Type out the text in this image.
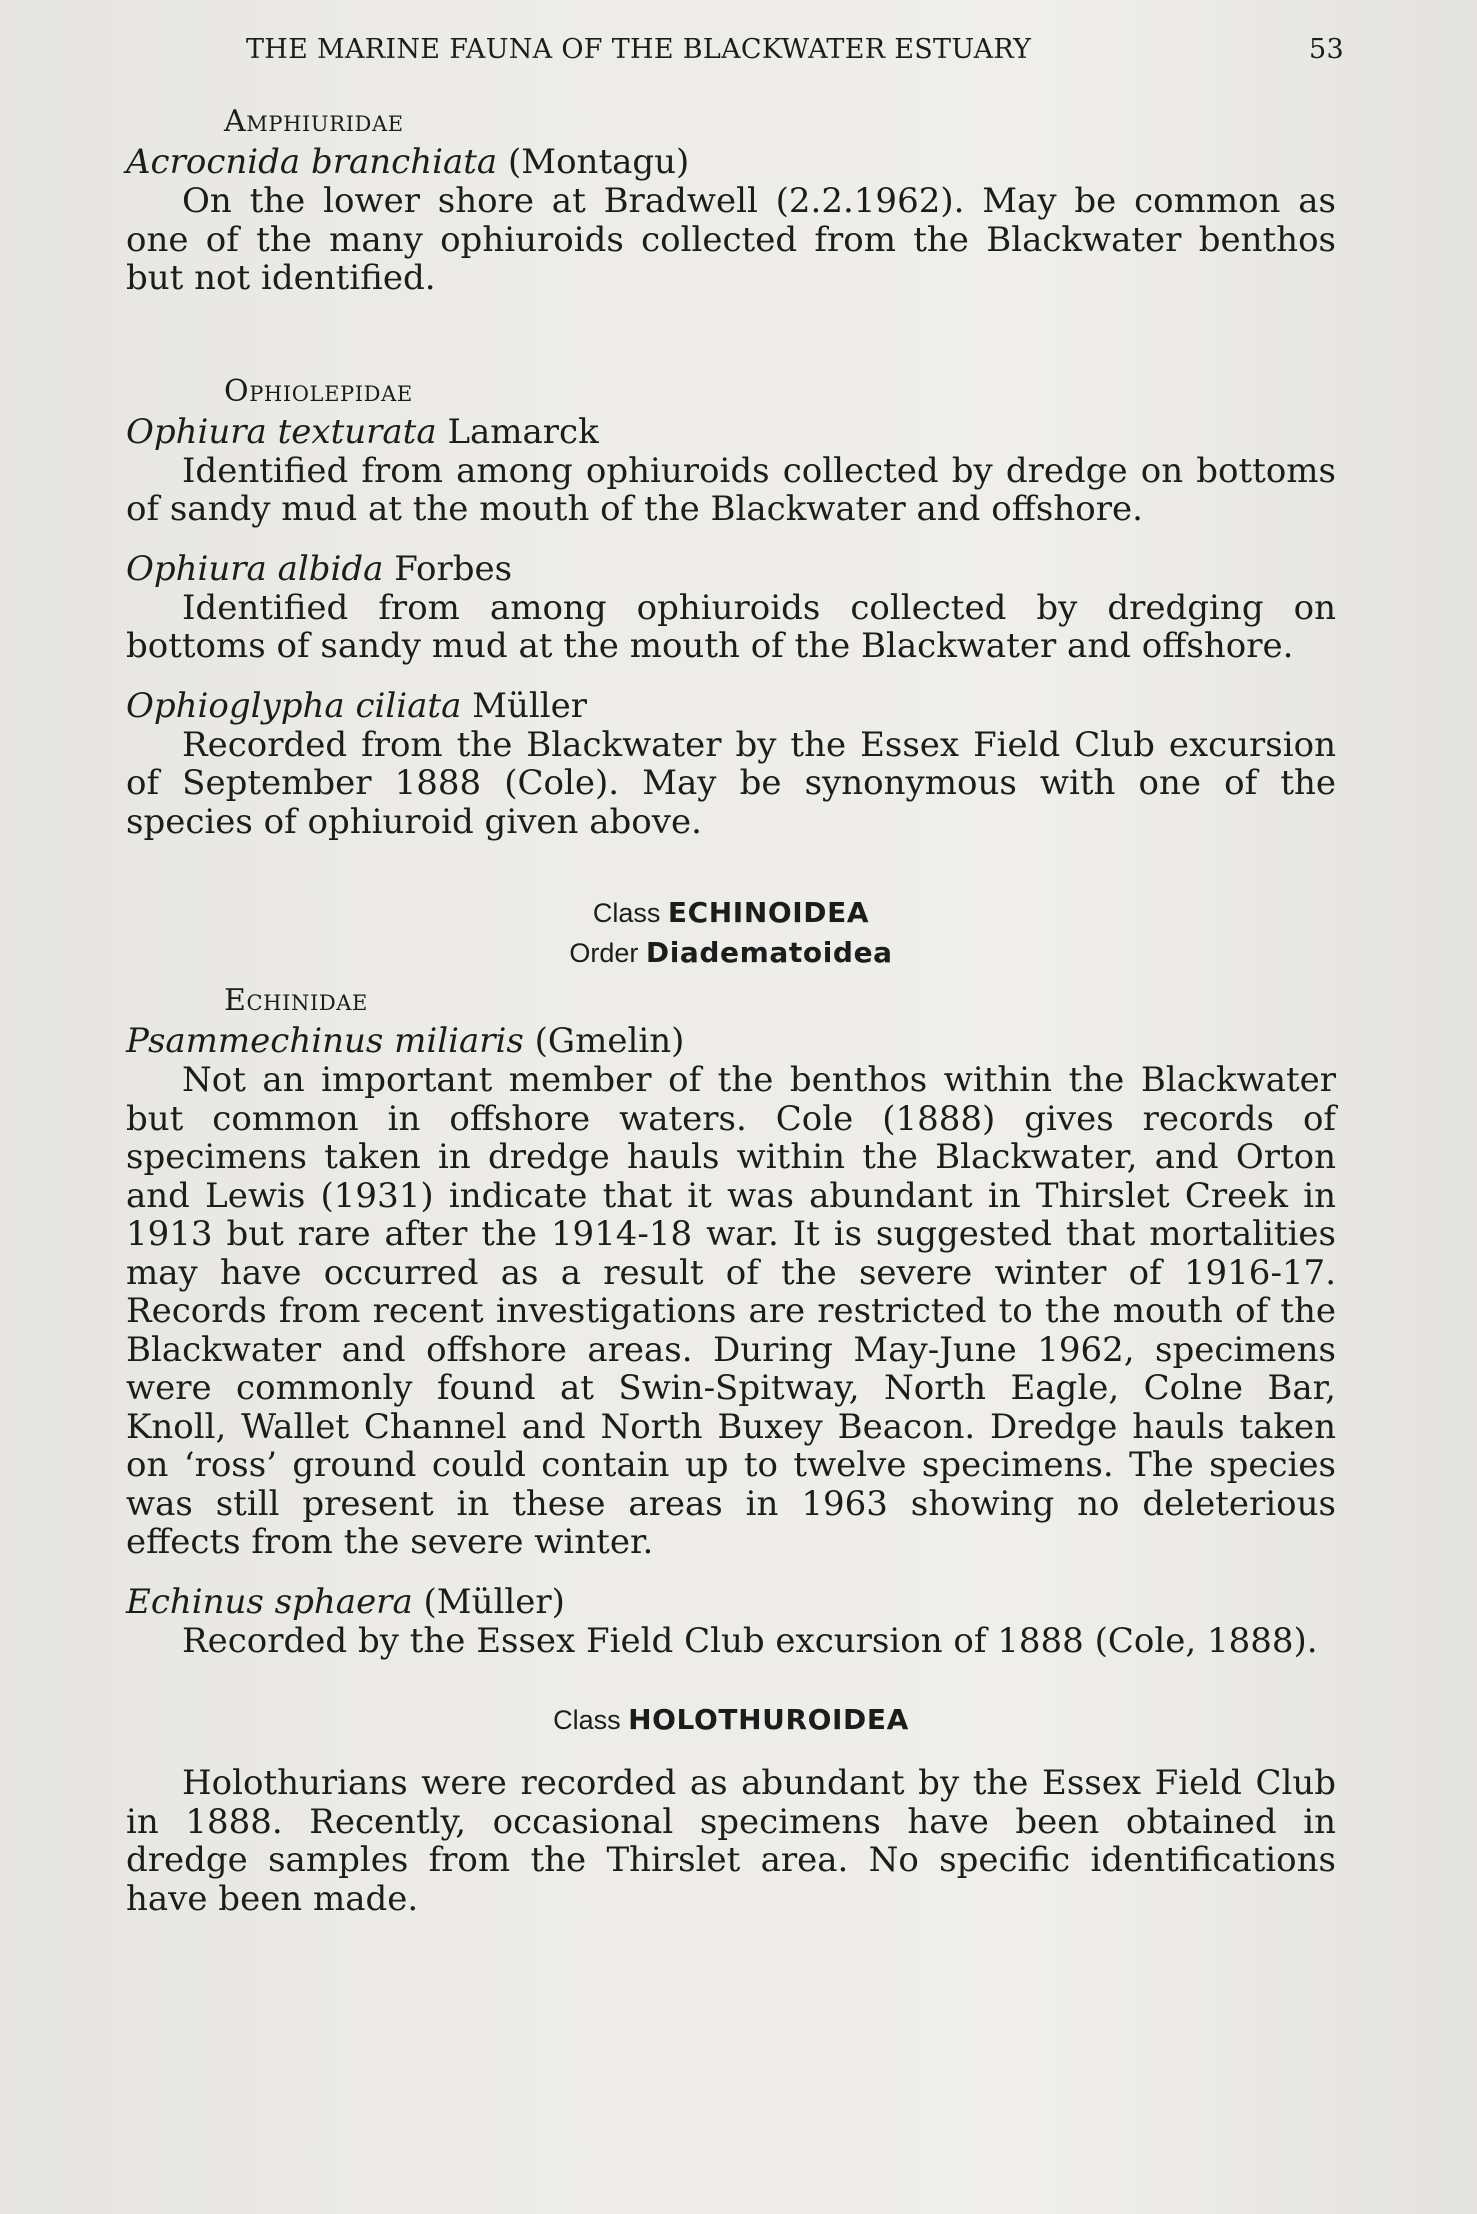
THE MARINE FAUNA OF THE BLACKWATER ESTUARY	53
Amphiuridae
Acrocnida branchiata (Montagu)

On the lower shore at Bradwell (2.2.1962). May be common as one of the many ophiuroids collected from the Blackwater benthos but not identified.

Ophiolepidae
Ophiura texturata Lamarck

Identified from among ophiuroids collected by dredge on bottoms of sandy mud at the mouth of the Blackwater and offshore.

Ophiura albida Forbes

Identified from among ophiuroids collected by dredging on bottoms of sandy mud at the mouth of the Blackwater and offshore.

Ophioglypha ciliata Müller

Recorded from the Blackwater by the Essex Field Club excursion of September 1888 (Cole). May be synonymous with one of the species of ophiuroid given above.

Class ECHINOIDEA
Order Diadematoidea
Echinidae
Psammechinus miliaris (Gmelin)

Not an important member of the benthos within the Blackwater but common in offshore waters. Cole (1888) gives records of specimens taken in dredge hauls within the Blackwater, and Orton and Lewis (1931) indicate that it was abundant in Thirslet Creek in 1913 but rare after the 1914-18 war. It is suggested that mortalities may have occurred as a result of the severe winter of 1916-17. Records from recent investigations are restricted to the mouth of the Blackwater and offshore areas. During May-June 1962, specimens were commonly found at Swin-Spitway, North Eagle, Colne Bar, Knoll, Wallet Channel and North Buxey Beacon. Dredge hauls taken on ‘ross’ ground could contain up to twelve specimens. The species was still present in these areas in 1963 showing no deleterious effects from the severe winter.

Echinus sphaera (Müller)

Recorded by the Essex Field Club excursion of 1888 (Cole, 1888).

Class HOLOTHUROIDEA

Holothurians were recorded as abundant by the Essex Field Club in 1888. Recently, occasional specimens have been obtained in dredge samples from the Thirslet area. No specific identifications have been made.
